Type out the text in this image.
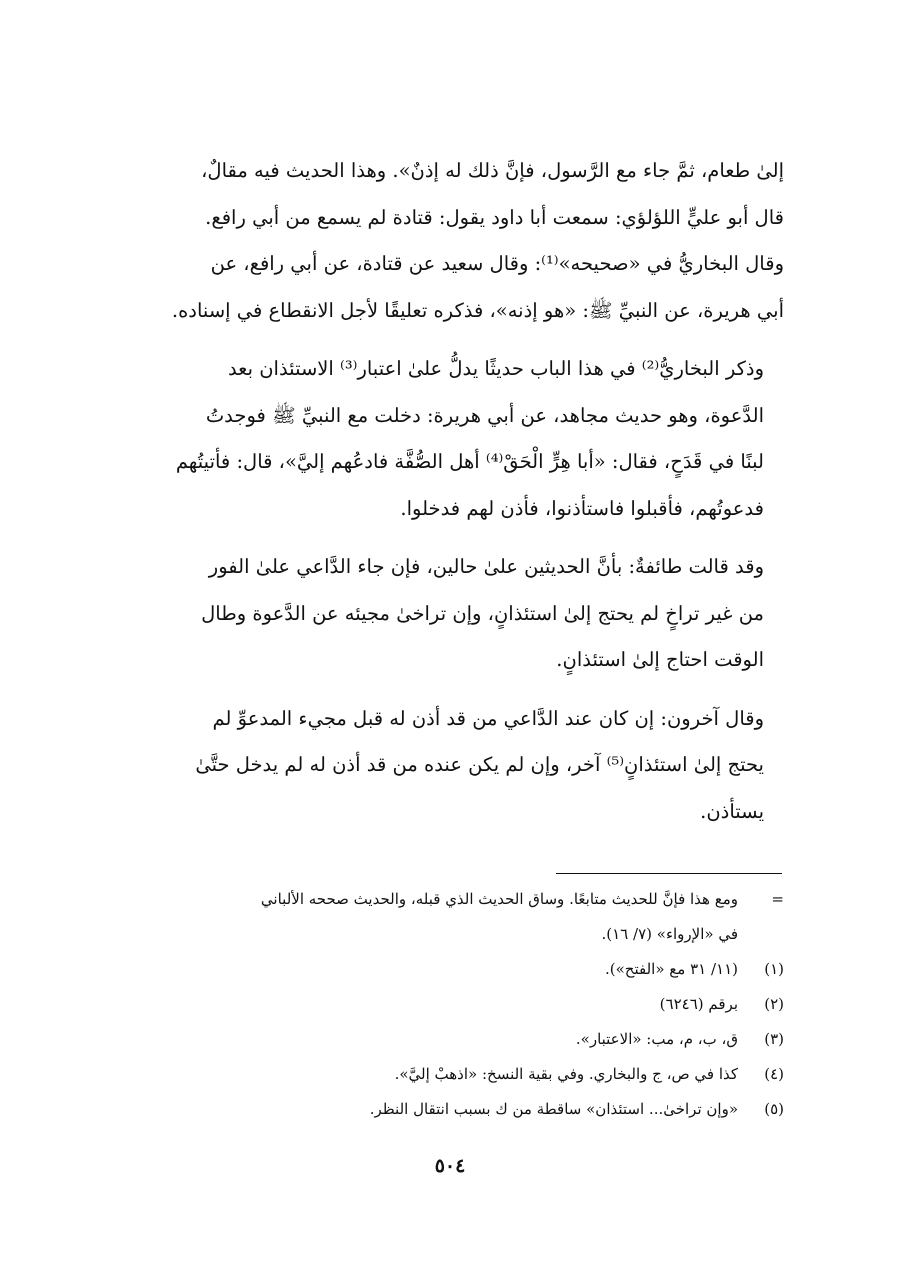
إلىٰ طعام، ثمَّ جاء مع الرَّسول، فإنَّ ذلك له إذنٌ». وهذا الحديث فيه مقالٌ،
قال أبو عليٍّ اللؤلؤي: سمعت أبا داود يقول: قتادة لم يسمع من أبي رافع.
وقال البخاريُّ في «صحيحه»⁽¹⁾: وقال سعيد عن قتادة، عن أبي رافع، عن
أبي هريرة، عن النبيِّ ﷺ: «هو إذنه»، فذكره تعليقًا لأجل الانقطاع في إسناده.

وذكر البخاريُّ⁽²⁾ في هذا الباب حديثًا يدلُّ علىٰ اعتبار⁽³⁾ الاستئذان بعد
الدَّعوة، وهو حديث مجاهد، عن أبي هريرة: دخلت مع النبيِّ ﷺ فوجدتُ
لبنًا في قَدَحٍ، فقال: «أبا هِرٍّ الْحَقْ⁽⁴⁾ أهل الصُّفَّة فادعُهم إليَّ»، قال: فأتيتُهم
فدعوتُهم، فأقبلوا فاستأذنوا، فأذن لهم فدخلوا.

وقد قالت طائفةٌ: بأنَّ الحديثين علىٰ حالين، فإن جاء الدَّاعي علىٰ الفور
من غير تراخٍ لم يحتج إلىٰ استئذانٍ، وإن تراخىٰ مجيئه عن الدَّعوة وطال
الوقت احتاج إلىٰ استئذانٍ.

وقال آخرون: إن كان عند الدَّاعي من قد أذن له قبل مجيء المدعوِّ لم
يحتج إلىٰ استئذانٍ⁽⁵⁾ آخر، وإن لم يكن عنده من قد أذن له لم يدخل حتَّىٰ
يستأذن.

=
ومع هذا فإنَّ للحديث متابعًا. وساق الحديث الذي قبله، والحديث صححه الألباني
في «الإرواء» (٧/ ١٦).
(١)
(١١/ ٣١ مع «الفتح»).
(٢)
برقم (٦٢٤٦)
(٣)
ق، ب، م، مب: «الاعتبار».
(٤)
كذا في ص، ج والبخاري. وفي بقية النسخ: «اذهبْ إليَّ».
(٥)
«وإن تراخىٰ... استئذان» ساقطة من ك بسبب انتقال النظر.
٥٠٤
